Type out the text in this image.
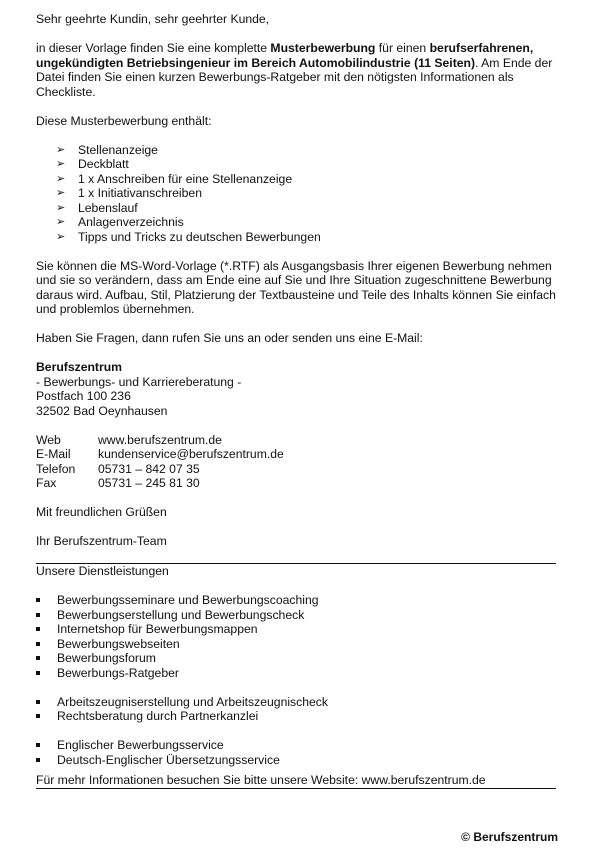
Sehr geehrte Kundin, sehr geehrter Kunde,

in dieser Vorlage finden Sie eine komplette Musterbewerbung für einen berufserfahrenen, ungekündigten Betriebsingenieur im Bereich Automobilindustrie (11 Seiten). Am Ende der Datei finden Sie einen kurzen Bewerbungs-Ratgeber mit den nötigsten Informationen als Checkliste.

Diese Musterbewerbung enthält:

➢ Stellenanzeige
➢ Deckblatt
➢ 1 x Anschreiben für eine Stellenanzeige
➢ 1 x Initiativanschreiben
➢ Lebenslauf
➢ Anlagenverzeichnis
➢ Tipps und Tricks zu deutschen Bewerbungen

Sie können die MS-Word-Vorlage (*.RTF) als Ausgangsbasis Ihrer eigenen Bewerbung nehmen und sie so verändern, dass am Ende eine auf Sie und Ihre Situation zugeschnittene Bewerbung daraus wird. Aufbau, Stil, Platzierung der Textbausteine und Teile des Inhalts können Sie einfach und problemlos übernehmen.

Haben Sie Fragen, dann rufen Sie uns an oder senden uns eine E-Mail:

Berufszentrum

- Bewerbungs- und Karriereberatung -

Postfach 100 236

32502 Bad Oeynhausen

Web	www.berufszentrum.de
E-Mail	kundenservice@berufszentrum.de
Telefon	05731 – 842 07 35
Fax	05731 – 245 81 30

Mit freundlichen Grüßen

Ihr Berufszentrum-Team

Unsere Dienstleistungen

Bewerbungsseminare und Bewerbungscoaching
Bewerbungserstellung und Bewerbungscheck
Internetshop für Bewerbungsmappen
Bewerbungswebseiten
Bewerbungsforum
Bewerbungs-Ratgeber
Arbeitszeugniserstellung und Arbeitszeugnischeck
Rechtsberatung durch Partnerkanzlei
Englischer Bewerbungsservice
Deutsch-Englischer Übersetzungsservice

Für mehr Informationen besuchen Sie bitte unsere Website: www.berufszentrum.de

© Berufszentrum
